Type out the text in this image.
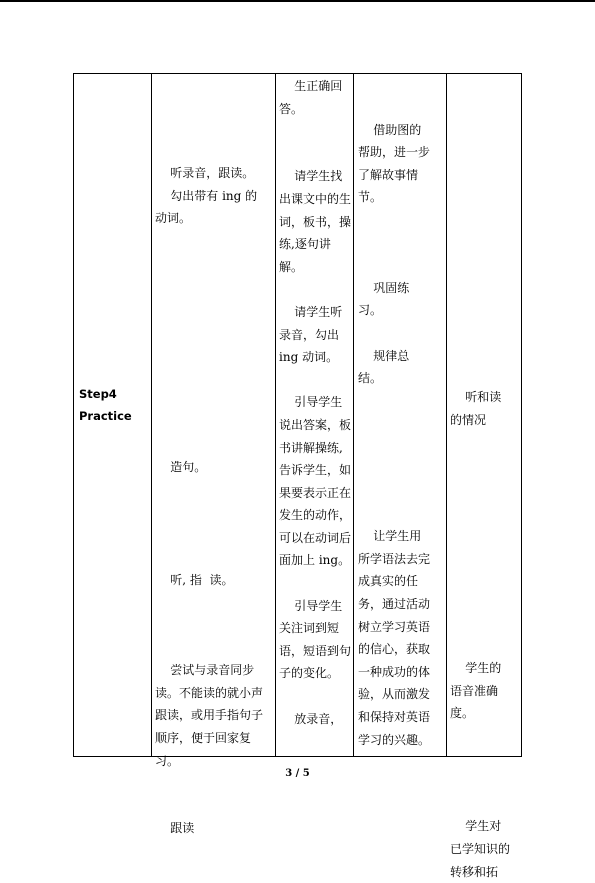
Step4
Practice
听录音，跟读。
勾出带有 ing 的
动词。
造句。
听, 指  读。
尝试与录音同步
读。不能读的就小声
跟读，或用手指句子
顺序，便于回家复
习。
跟读
生正确回
答。
请学生找
出课文中的生
词，板书，操
练,逐句讲
解。
请学生听
录音，勾出
ing 动词。
引导学生
说出答案，板
书讲解操练,
告诉学生，如
果要表示正在
发生的动作，
可以在动词后
面加上 ing。
引导学生
关注词到短
语，短语到句
子的变化。
放录音，
借助图的
帮助，进一步
了解故事情
节。
巩固练
习。
规律总
结。
让学生用
所学语法去完
成真实的任
务，通过活动
树立学习英语
的信心，获取
一种成功的体
验，从而激发
和保持对英语
学习的兴趣。
听和读
的情况
学生的
语音准确
度。
学生对
已学知识的
转移和拓
3 / 5
